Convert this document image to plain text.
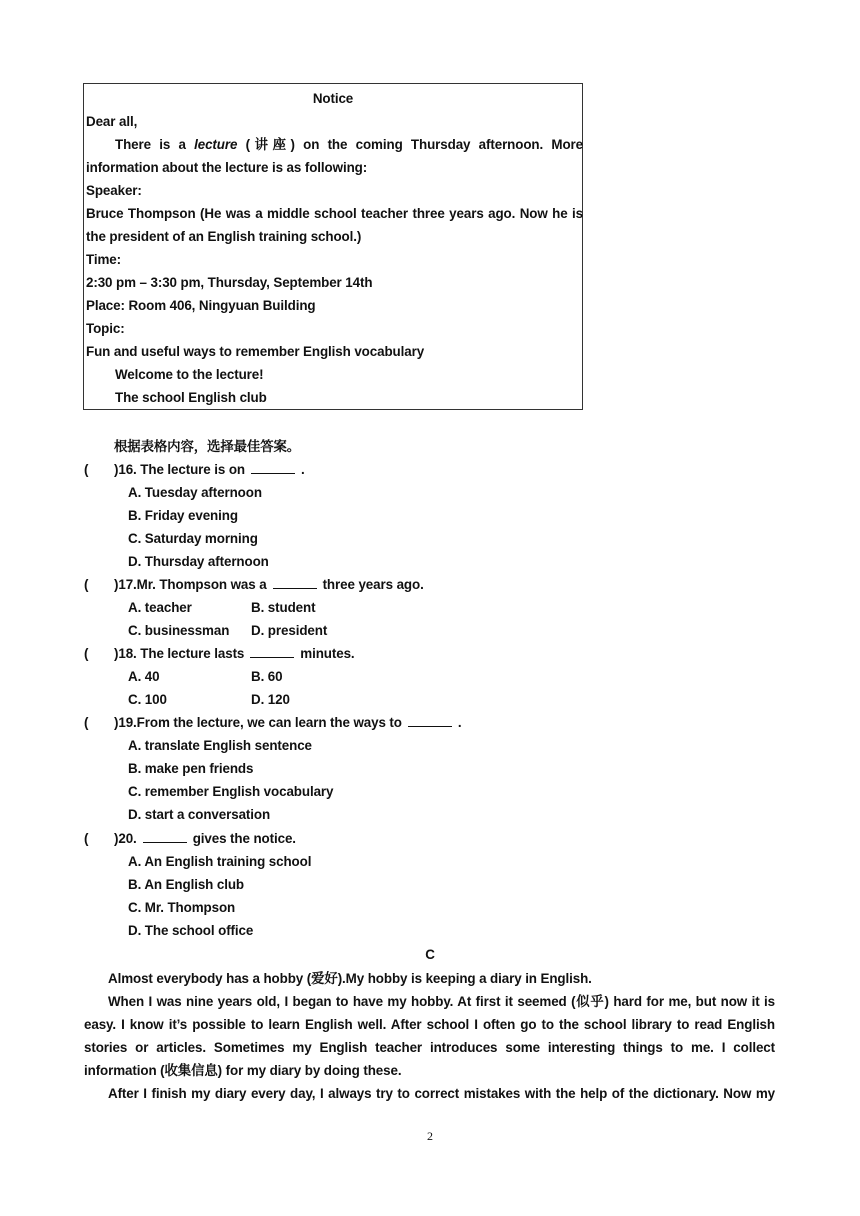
Notice
Dear all,
There is a lecture (讲座) on the coming Thursday afternoon. More
information about the lecture is as following:
Speaker:
Bruce Thompson (He was a middle school teacher three years ago. Now he is
the president of an English training school.)
Time:
2:30 pm – 3:30 pm, Thursday, September 14th
Place: Room 406, Ningyuan Building
Topic:
Fun and useful ways to remember English vocabulary
Welcome to the lecture!
The school English club
根据表格内容，选择最佳答案。
( )16. The lecture is on	.
A. Tuesday afternoon
B. Friday evening
C. Saturday morning
D. Thursday afternoon
( )17.Mr. Thompson was a	three years ago.
A. teacher	B. student
C. businessman D. president
( )18. The lecture lasts	minutes.
A. 40	B. 60
C. 100	D. 120
( )19.From the lecture, we can learn the ways to	.
A. translate English sentence
B. make pen friends
C. remember English vocabulary
D. start a conversation
( )20.	gives the notice.
A. An English training school
B. An English club
C. Mr. Thompson
D. The school office
C
Almost everybody has a hobby (爱好).My hobby is keeping a diary in English.
When I was nine years old, I began to have my hobby. At first it seemed (似乎) hard for me, but now it is
easy. I know it’s possible to learn English well. After school I often go to the school library to read English
stories or articles. Sometimes my English teacher introduces some interesting things to me. I collect
information (收集信息) for my diary by doing these.
After I finish my diary every day, I always try to correct mistakes with the help of the dictionary. Now my
2
